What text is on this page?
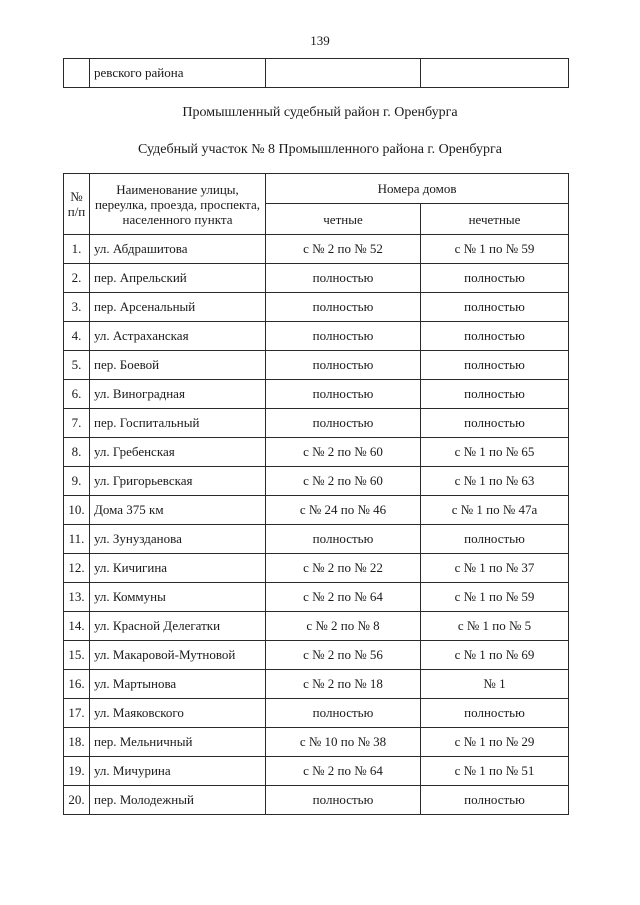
139
	ревского района		
Промышленный судебный район г. Оренбурга
Судебный участок № 8 Промышленного района г. Оренбурга
№ п/п	Наименование улицы, переулка, проезда, проспекта, населенного пункта	Номера домов	
		четные	нечетные
1.	ул. Абдрашитова	с № 2 по № 52	с № 1 по № 59
2.	пер. Апрельский	полностью	полностью
3.	пер. Арсенальный	полностью	полностью
4.	ул. Астраханская	полностью	полностью
5.	пер. Боевой	полностью	полностью
6.	ул. Виноградная	полностью	полностью
7.	пер. Госпитальный	полностью	полностью
8.	ул. Гребенская	с № 2 по № 60	с № 1 по № 65
9.	ул. Григорьевская	с № 2 по № 60	с № 1 по № 63
10.	Дома 375 км	с № 24 по № 46	с № 1 по № 47а
11.	ул. Зунузданова	полностью	полностью
12.	ул. Кичигина	с № 2 по № 22	с № 1 по № 37
13.	ул. Коммуны	с № 2 по № 64	с № 1 по № 59
14.	ул. Красной Делегатки	с № 2 по № 8	с № 1 по № 5
15.	ул. Макаровой-Мутновой	с № 2 по № 56	с № 1 по № 69
16.	ул. Мартынова	с № 2 по № 18	№ 1
17.	ул. Маяковского	полностью	полностью
18.	пер. Мельничный	с № 10 по № 38	с № 1 по № 29
19.	ул. Мичурина	с № 2 по № 64	с № 1 по № 51
20.	пер. Молодежный	полностью	полностью
